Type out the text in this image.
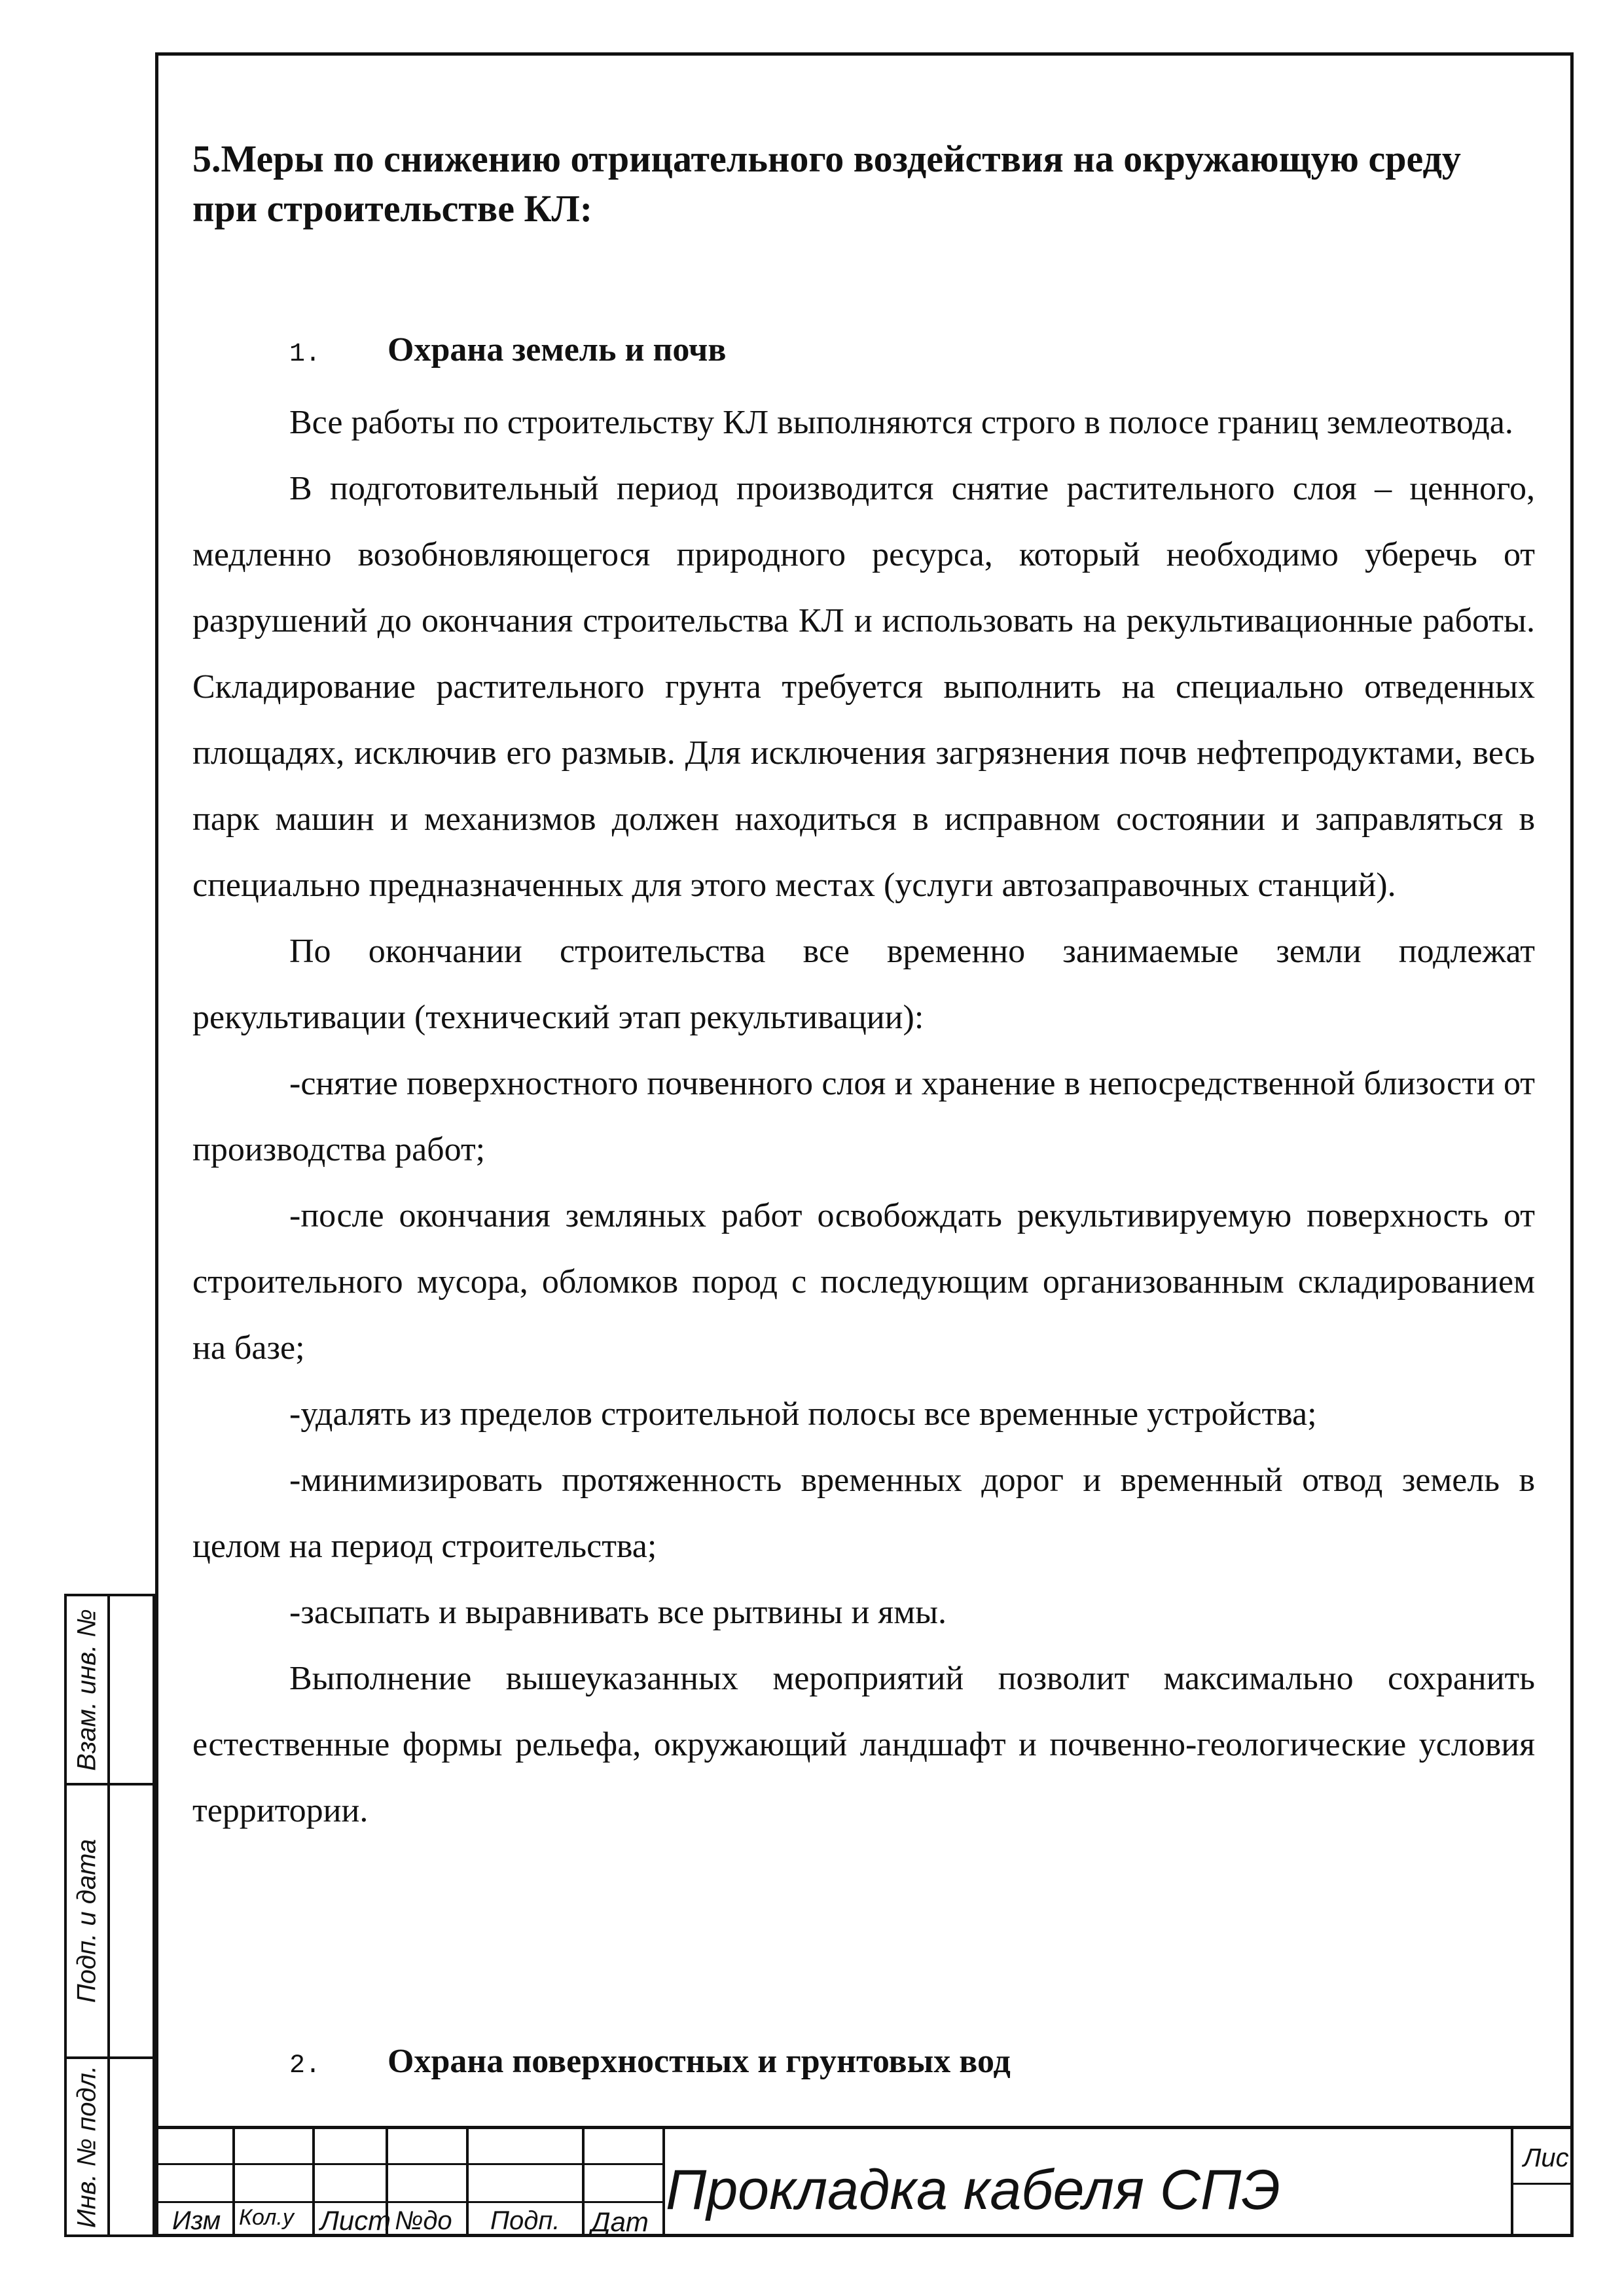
5.Меры по снижению отрицательного воздействия на окружающую среду при строительстве КЛ:
1. Охрана земель и почв

Все работы по строительству КЛ выполняются строго в полосе границ землеотвода.

В подготовительный период производится снятие растительного слоя – ценного, медленно возобновляющегося природного ресурса, который необходимо уберечь от разрушений до окончания строительства КЛ и использовать на рекультивационные работы. Складирование растительного грунта требуется выполнить на специально отведенных площадях, исключив его размыв. Для исключения загрязнения почв нефтепродуктами, весь парк машин и механизмов должен находиться в исправном состоянии и заправляться в специально предназначенных для этого местах (услуги автозаправочных станций).

По окончании строительства все временно занимаемые земли подлежат рекультивации (технический этап рекультивации):

-снятие поверхностного почвенного слоя и хранение в непосредственной близости от производства работ;

-после окончания земляных работ освобождать рекультивируемую поверхность от строительного мусора, обломков пород с последующим организованным складированием на базе;

-удалять из пределов строительной полосы все временные устройства;

-минимизировать протяженность временных дорог и временный отвод земель в целом на период строительства;

-засыпать и выравнивать все рытвины и ямы.

Выполнение вышеуказанных мероприятий позволит максимально сохранить естественные формы рельефа, окружающий ландшафт и почвенно-геологические условия территории.

2. Охрана поверхностных и грунтовых вод
Взам. инв. №
Подп. и дата
Инв. № подл.	Изм Кол.у Лист №до Подп. Дат
Прокладка кабеля СПЭ
Лис
